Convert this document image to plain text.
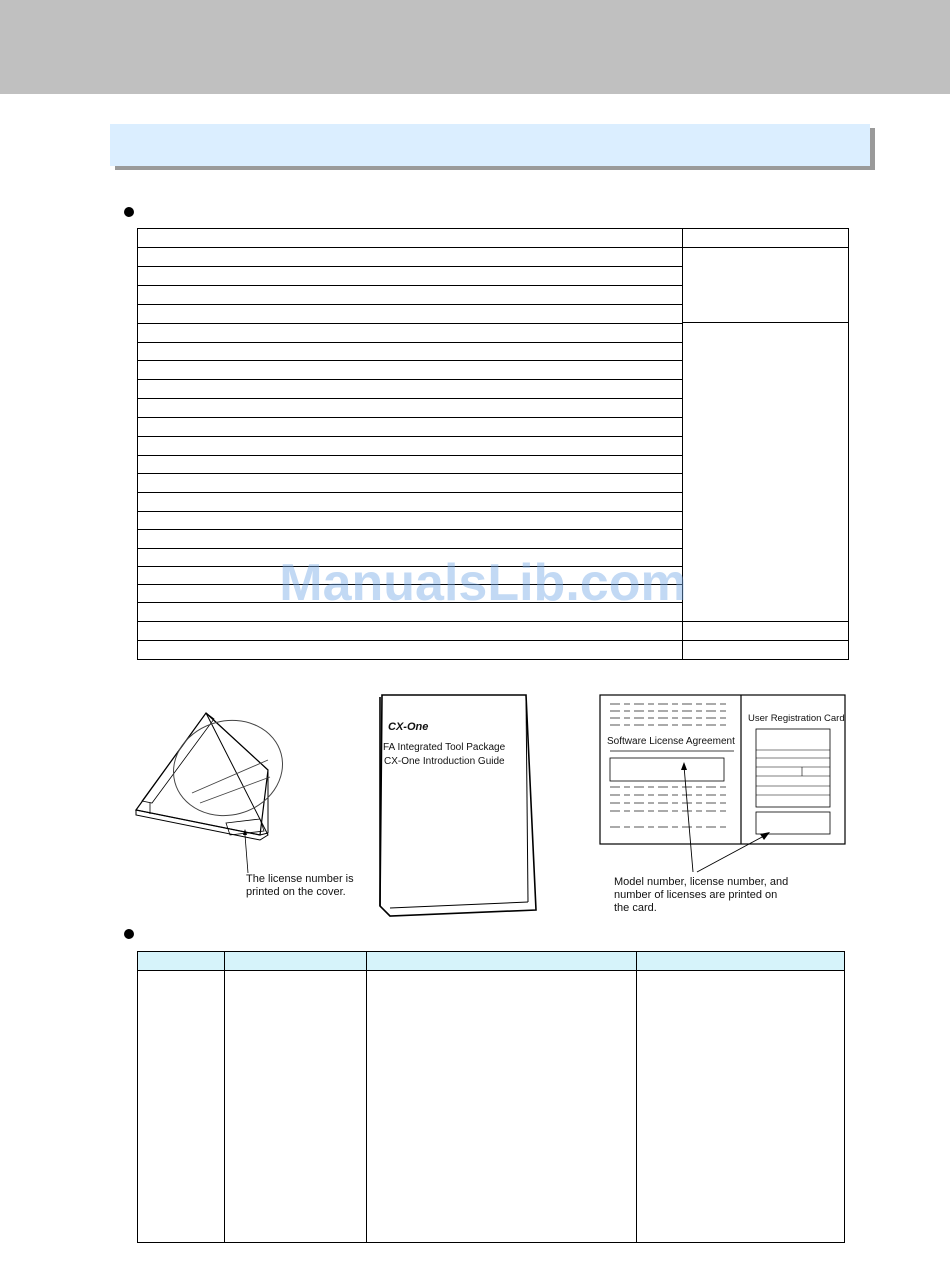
ManualsLib.com
The license number is printed on the cover.
CX-One
FA Integrated Tool Package
CX-One Introduction Guide
Software License Agreement
User Registration Card
Model number, license number, and number of licenses are printed on the card.
